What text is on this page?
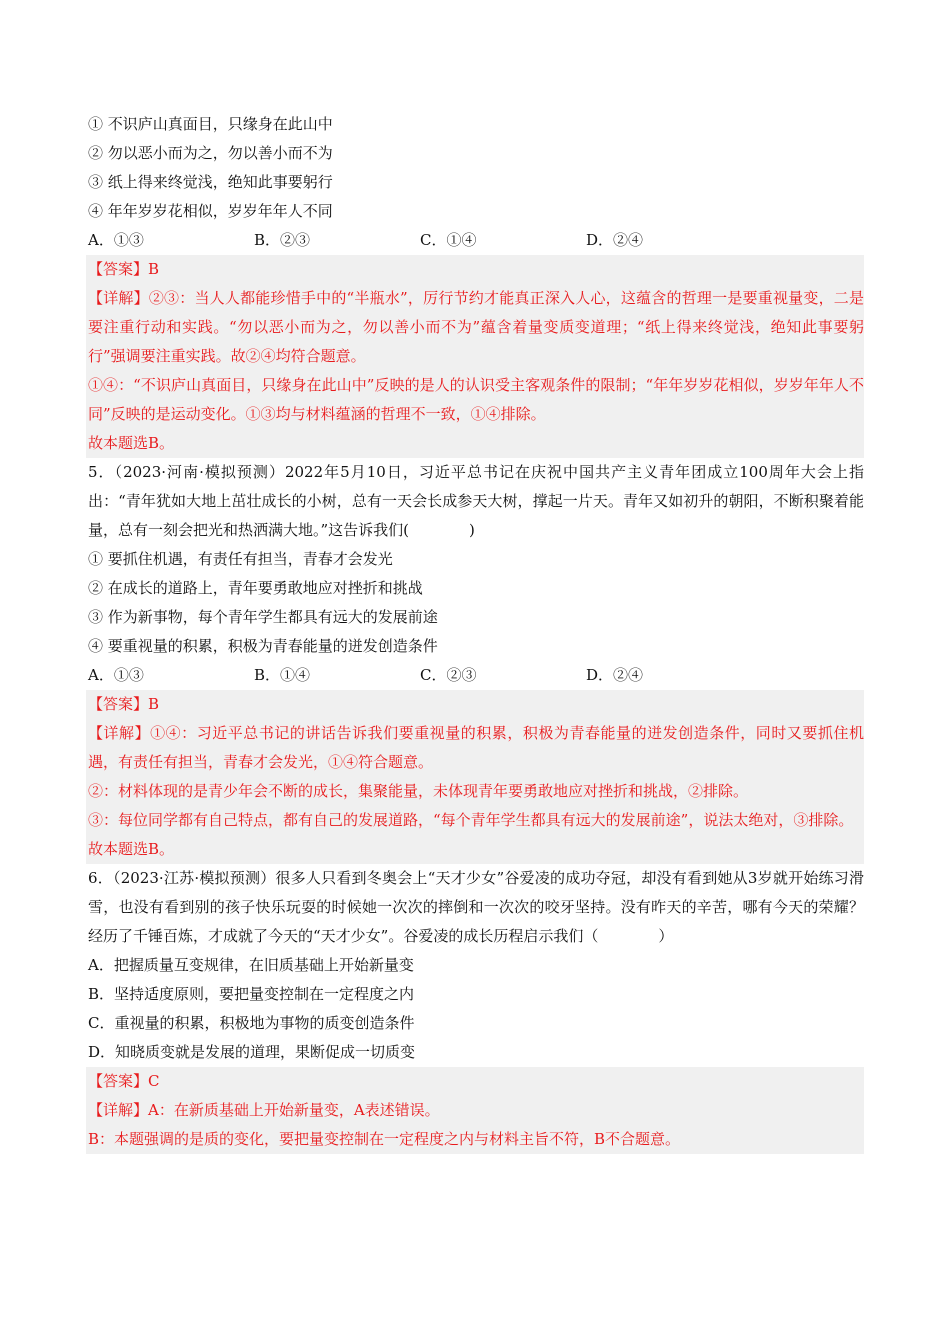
① 不识庐山真面目，只缘身在此山中
② 勿以恶小而为之，勿以善小而不为
③ 纸上得来终觉浅，绝知此事要躬行
④ 年年岁岁花相似，岁岁年年人不同
A．①③	B．②③	C．①④	D．②④
【答案】B
【详解】②③：当人人都能珍惜手中的“半瓶水”，厉行节约才能真正深入人心，这蕴含的哲理一是要重视量变，二是要注重行动和实践。“勿以恶小而为之，勿以善小而不为”蕴含着量变质变道理；“纸上得来终觉浅，绝知此事要躬行”强调要注重实践。故②④均符合题意。
①④：“不识庐山真面目，只缘身在此山中”反映的是人的认识受主客观条件的限制；“年年岁岁花相似，岁岁年年人不同”反映的是运动变化。①③均与材料蕴涵的哲理不一致，①④排除。
故本题选B。
5．（2023·河南·模拟预测）2022年5月10日，习近平总书记在庆祝中国共产主义青年团成立100周年大会上指出：“青年犹如大地上茁壮成长的小树，总有一天会长成参天大树，撑起一片天。青年又如初升的朝阳，不断积聚着能量，总有一刻会把光和热洒满大地。”这告诉我们(	)
① 要抓住机遇，有责任有担当，青春才会发光
② 在成长的道路上，青年要勇敢地应对挫折和挑战
③ 作为新事物，每个青年学生都具有远大的发展前途
④ 要重视量的积累，积极为青春能量的迸发创造条件
A．①③	B．①④	C．②③	D．②④
【答案】B
【详解】①④：习近平总书记的讲话告诉我们要重视量的积累，积极为青春能量的迸发创造条件，同时又要抓住机遇，有责任有担当，青春才会发光，①④符合题意。
②：材料体现的是青少年会不断的成长，集聚能量，未体现青年要勇敢地应对挫折和挑战，②排除。
③：每位同学都有自己特点，都有自己的发展道路，“每个青年学生都具有远大的发展前途”，说法太绝对，③排除。
故本题选B。
6．（2023·江苏·模拟预测）很多人只看到冬奥会上“天才少女”谷爱凌的成功夺冠，却没有看到她从3岁就开始练习滑雪，也没有看到别的孩子快乐玩耍的时候她一次次的摔倒和一次次的咬牙坚持。没有昨天的辛苦，哪有今天的荣耀？经历了千锤百炼，才成就了今天的“天才少女”。谷爱凌的成长历程启示我们（	）
A．把握质量互变规律，在旧质基础上开始新量变
B．坚持适度原则，要把量变控制在一定程度之内
C．重视量的积累，积极地为事物的质变创造条件
D．知晓质变就是发展的道理，果断促成一切质变
【答案】C
【详解】A：在新质基础上开始新量变，A表述错误。
B：本题强调的是质的变化，要把量变控制在一定程度之内与材料主旨不符，B不合题意。
